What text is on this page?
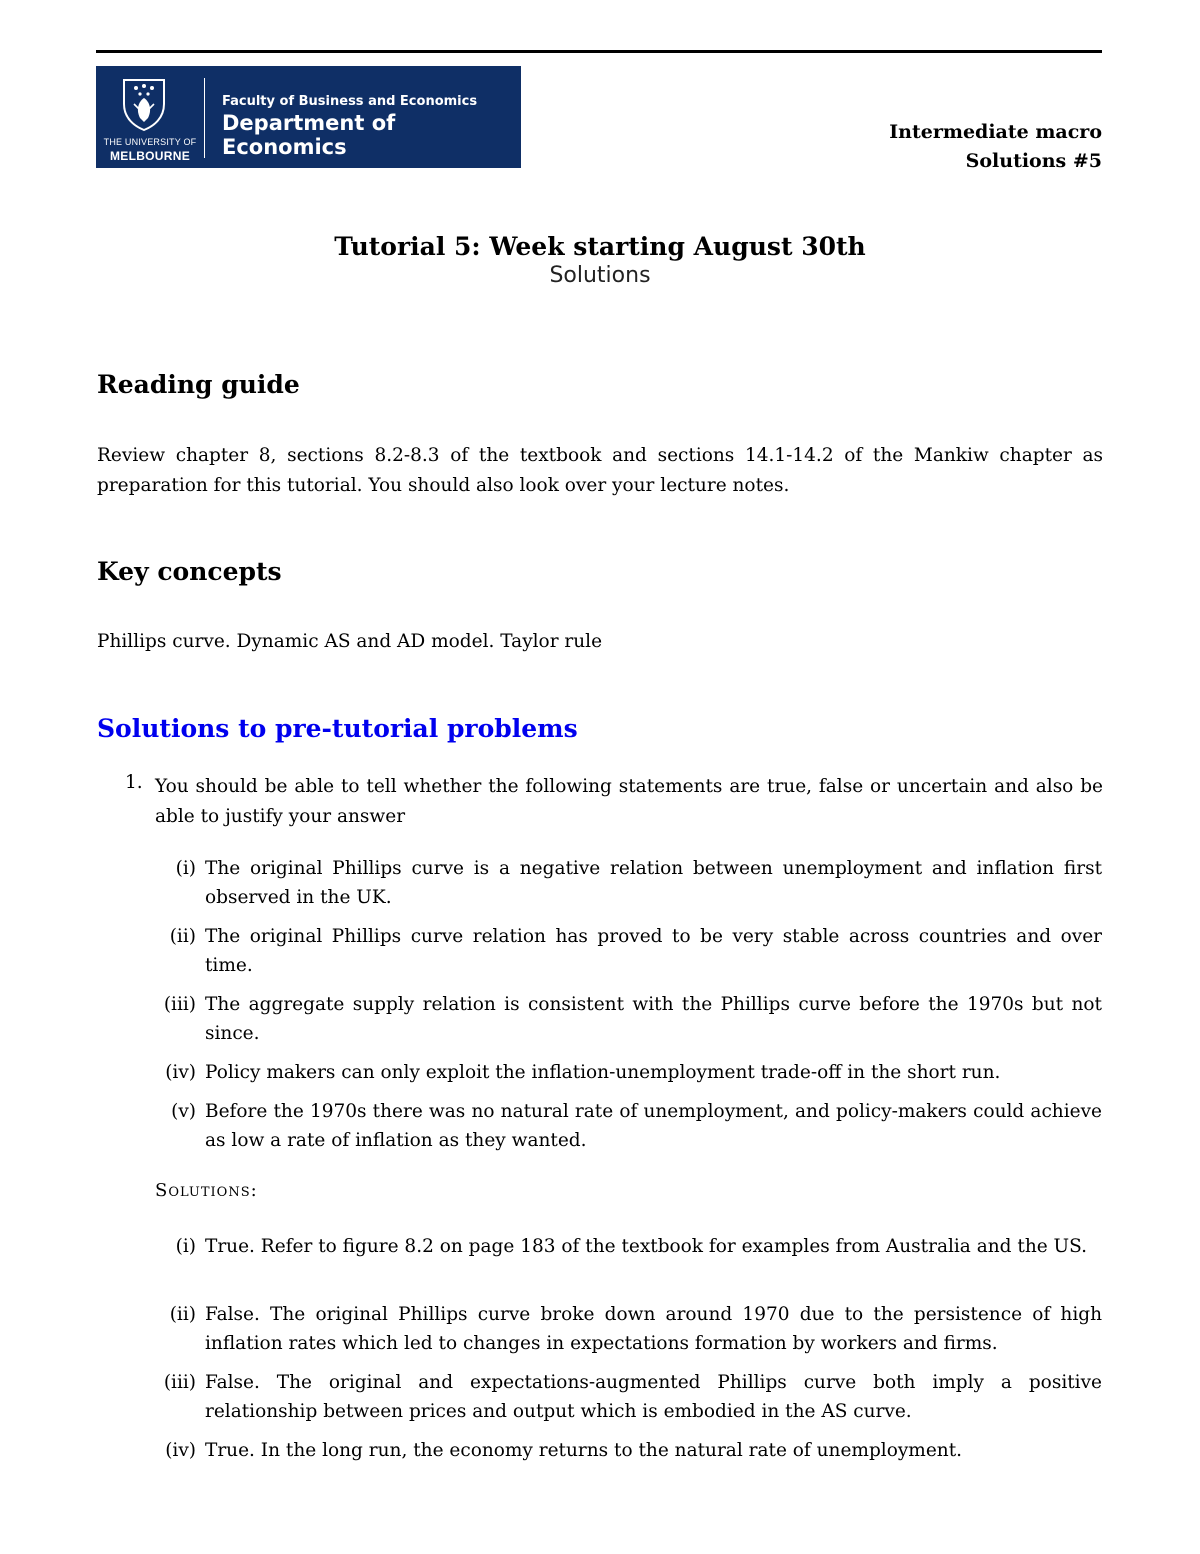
THE UNIVERSITY OF
MELBOURNE
Faculty of Business and Economics
Department of Economics
Intermediate macro
Solutions #5
Tutorial 5: Week starting August 30th
Solutions
Reading guide
Review chapter 8, sections 8.2-8.3 of the textbook and sections 14.1-14.2 of the Mankiw chapter as preparation for this tutorial. You should also look over your lecture notes.
Key concepts
Phillips curve. Dynamic AS and AD model. Taylor rule
Solutions to pre-tutorial problems
1. You should be able to tell whether the following statements are true, false or uncertain and also be able to justify your answer
(i) The original Phillips curve is a negative relation between unemployment and inflation first observed in the UK.
(ii) The original Phillips curve relation has proved to be very stable across countries and over time.
(iii) The aggregate supply relation is consistent with the Phillips curve before the 1970s but not since.
(iv) Policy makers can only exploit the inflation-unemployment trade-off in the short run.
(v) Before the 1970s there was no natural rate of unemployment, and policy-makers could achieve as low a rate of inflation as they wanted.
Solutions:
(i) True. Refer to figure 8.2 on page 183 of the textbook for examples from Australia and the US.
(ii) False. The original Phillips curve broke down around 1970 due to the persistence of high inflation rates which led to changes in expectations formation by workers and firms.
(iii) False. The original and expectations-augmented Phillips curve both imply a positive relationship between prices and output which is embodied in the AS curve.
(iv) True. In the long run, the economy returns to the natural rate of unemployment.
